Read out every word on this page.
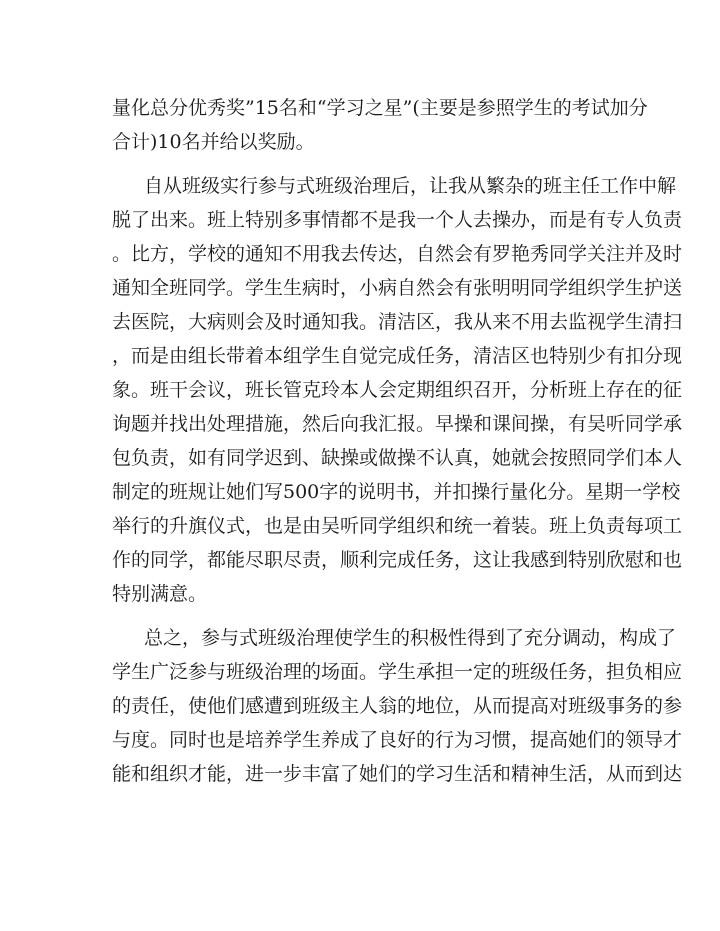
量化总分优秀奖”15名和“学习之星”(主要是参照学生的考试加分

合计)10名并给以奖励。

自从班级实行参与式班级治理后，让我从繁杂的班主任工作中解

脱了出来。班上特别多事情都不是我一个人去操办，而是有专人负责

。比方，学校的通知不用我去传达，自然会有罗艳秀同学关注并及时

通知全班同学。学生生病时，小病自然会有张明明同学组织学生护送

去医院，大病则会及时通知我。清洁区，我从来不用去监视学生清扫

，而是由组长带着本组学生自觉完成任务，清洁区也特别少有扣分现

象。班干会议，班长管克玲本人会定期组织召开，分析班上存在的征

询题并找出处理措施，然后向我汇报。早操和课间操，有吴听同学承

包负责，如有同学迟到、缺操或做操不认真，她就会按照同学们本人

制定的班规让她们写500字的说明书，并扣操行量化分。星期一学校

举行的升旗仪式，也是由吴听同学组织和统一着装。班上负责每项工

作的同学，都能尽职尽责，顺利完成任务，这让我感到特别欣慰和也

特别满意。

总之，参与式班级治理使学生的积极性得到了充分调动，构成了

学生广泛参与班级治理的场面。学生承担一定的班级任务，担负相应

的责任，使他们感遭到班级主人翁的地位，从而提高对班级事务的参

与度。同时也是培养学生养成了良好的行为习惯，提高她们的领导才

能和组织才能，进一步丰富了她们的学习生活和精神生活，从而到达
